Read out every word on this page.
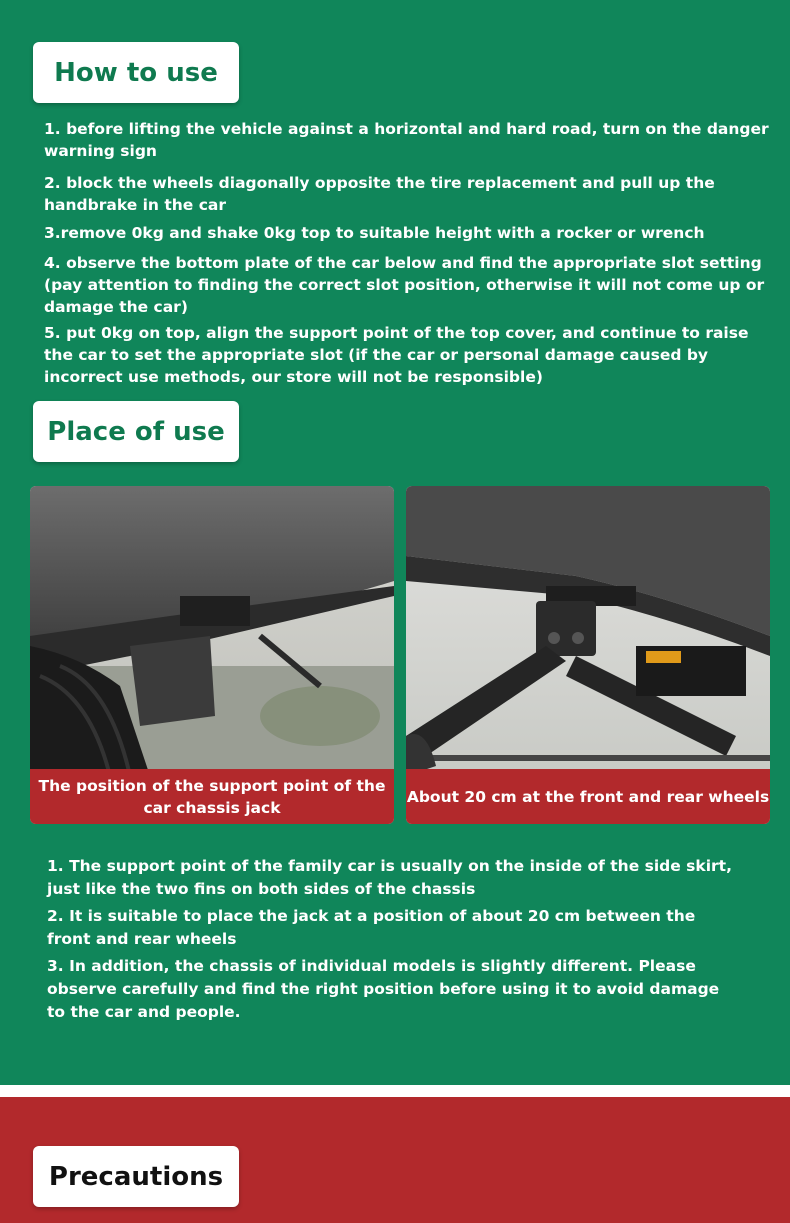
How to use

1. before lifting the vehicle against a horizontal and hard road, turn on the danger warning sign

2. block the wheels diagonally opposite the tire replacement and pull up the handbrake in the car

3.remove 0kg and shake 0kg top to suitable height with a rocker or wrench

4. observe the bottom plate of the car below and find the appropriate slot setting (pay attention to finding the correct slot position, otherwise it will not come up or damage the car)

5. put 0kg on top, align the support point of the top cover, and continue to raise the car to set the appropriate slot (if the car or personal damage caused by incorrect use methods, our store will not be responsible)

Place of use
The position of the support point of the car chassis jack
About 20 cm at the front and rear wheels

1. The support point of the family car is usually on the inside of the side skirt, just like the two fins on both sides of the chassis

2. It is suitable to place the jack at a position of about 20 cm between the front and rear wheels

3. In addition, the chassis of individual models is slightly different. Please observe carefully and find the right position before using it to avoid damage to the car and people.

Precautions
